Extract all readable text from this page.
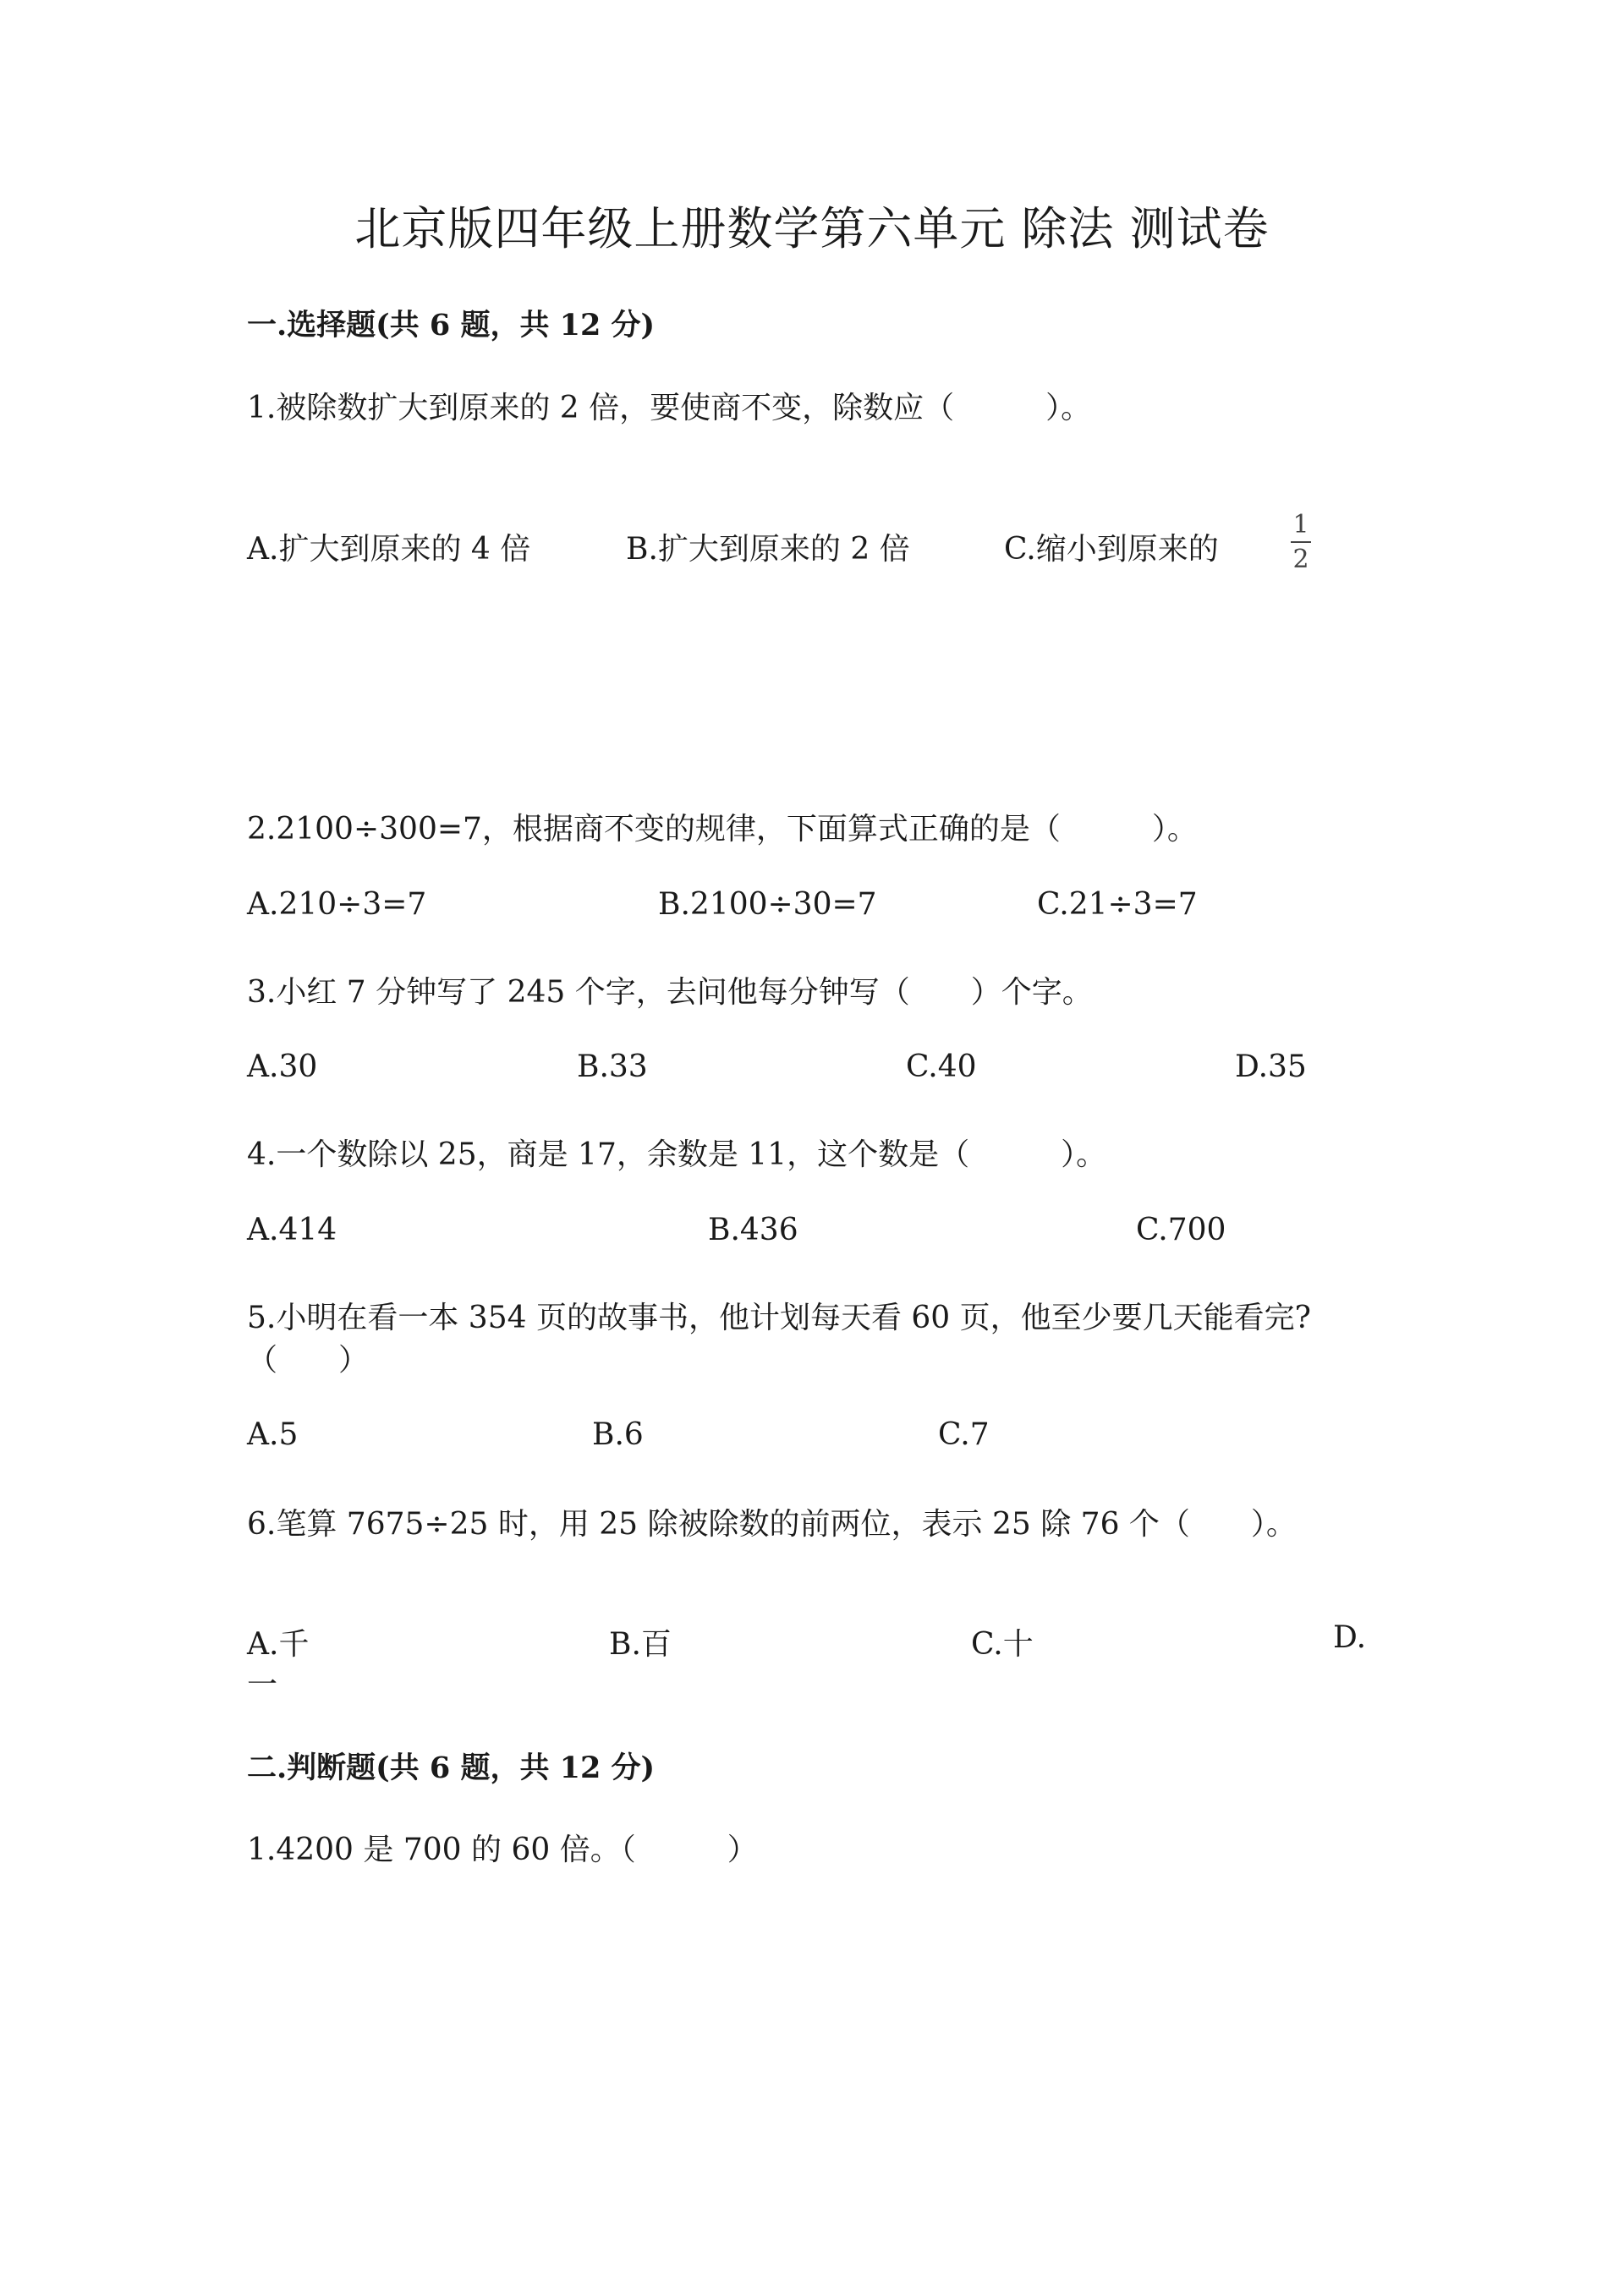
北京版四年级上册数学第六单元 除法 测试卷
一.选择题(共 6 题，共 12 分)
1.被除数扩大到原来的 2 倍，要使商不变，除数应（　　　）。
A.扩大到原来的 4 倍	B.扩大到原来的 2 倍	C.缩小到原来的
1
2
2.2100÷300=7，根据商不变的规律，下面算式正确的是（　　　）。
A.210÷3=7	B.2100÷30=7	C.21÷3=7
3.小红 7 分钟写了 245 个字，去问他每分钟写（　　）个字。
A.30	B.33	C.40	D.35
4.一个数除以 25，商是 17，余数是 11，这个数是（　　　）。
A.414	B.436	C.700
5.小明在看一本 354 页的故事书，他计划每天看 60 页，他至少要几天能看完?
（　　）
A.5	B.6	C.7
6.笔算 7675÷25 时，用 25 除被除数的前两位，表示 25 除 76 个（　　）。
A.千	B.百	C.十	D.
一
二.判断题(共 6 题，共 12 分)
1.4200 是 700 的 60 倍。（　　　）
